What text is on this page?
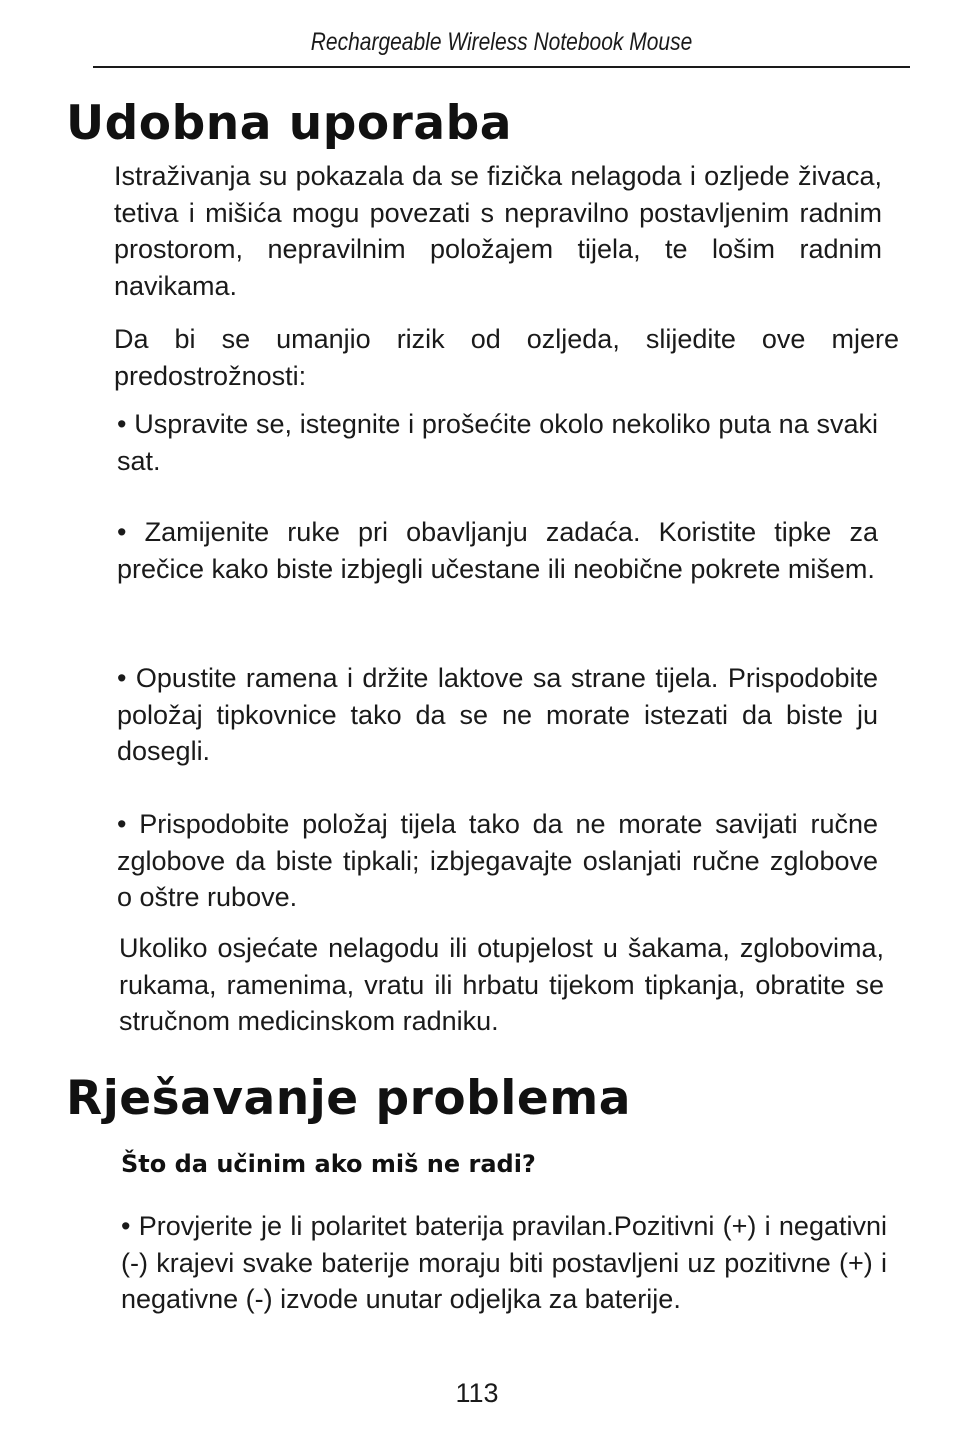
Rechargeable Wireless Notebook Mouse
Udobna uporaba

Istraživanja su pokazala da se fizička nelagoda i ozljede živaca, tetiva i mišića mogu povezati s nepravilno postavljenim radnim prostorom, nepravilnim položajem tijela, te lošim radnim navikama.

Da bi se umanjio rizik od ozljeda, slijedite ove mjere predostrožnosti:

• Uspravite se, istegnite i prošećite okolo nekoliko puta na svaki sat.

• Zamijenite ruke pri obavljanju zadaća. Koristite tipke za prečice kako biste izbjegli učestane ili neobične pokrete mišem.

• Opustite ramena i držite laktove sa strane tijela. Prispodobite položaj tipkovnice tako da se ne morate istezati da biste ju dosegli.

• Prispodobite položaj tijela tako da ne morate savijati ručne zglobove da biste tipkali; izbjegavajte oslanjati ručne zglobove o oštre rubove.

Ukoliko osjećate nelagodu ili otupjelost u šakama, zglobovima, rukama, ramenima, vratu ili hrbatu tijekom tipkanja, obratite se stručnom medicinskom radniku.

Rješavanje problema

Što da učinim ako miš ne radi?

• Provjerite je li polaritet baterija pravilan.Pozitivni (+) i negativni (-) krajevi svake baterije moraju biti postavljeni uz pozitivne (+) i negativne (-) izvode unutar odjeljka za baterije.

113
